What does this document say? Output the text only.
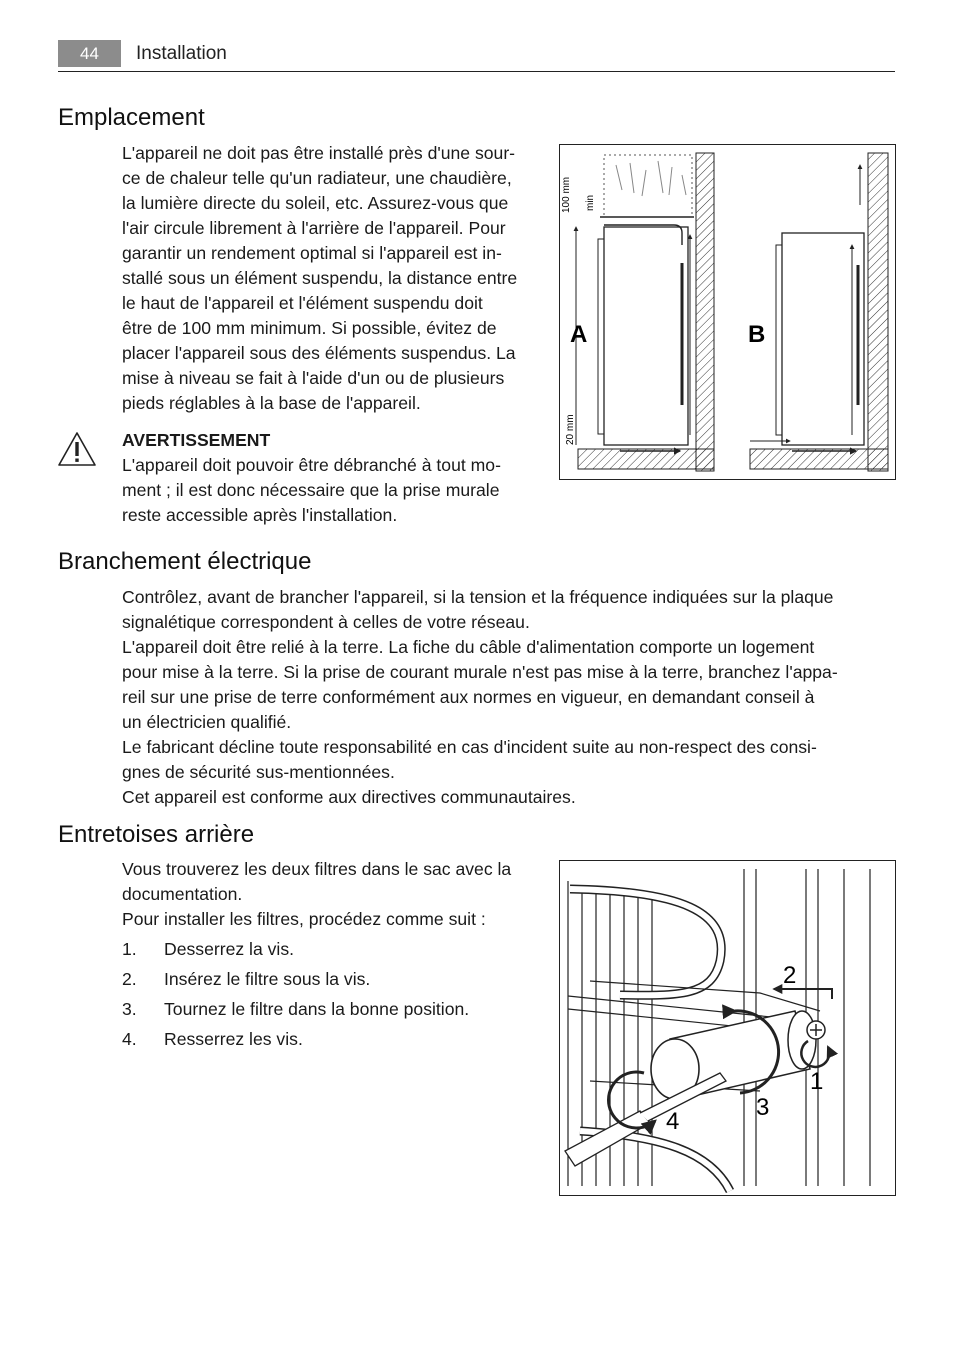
44	Installation
Emplacement
L'appareil ne doit pas être installé près d'une sour-
ce de chaleur telle qu'un radiateur, une chaudière,
la lumière directe du soleil, etc. Assurez-vous que
l'air circule librement à l'arrière de l'appareil. Pour
garantir un rendement optimal si l'appareil est in-
stallé sous un élément suspendu, la distance entre
le haut de l'appareil et l'élément suspendu doit
être de 100 mm minimum. Si possible, évitez de
placer l'appareil sous des éléments suspendus. La
mise à niveau se fait à l'aide d'un ou de plusieurs
pieds réglables à la base de l'appareil.
AVERTISSEMENT
L'appareil doit pouvoir être débranché à tout mo-
ment ; il est donc nécessaire que la prise murale
reste accessible après l'installation.
100 mm min
20 mm
A	B
Branchement électrique
Contrôlez, avant de brancher l'appareil, si la tension et la fréquence indiquées sur la plaque
signalétique correspondent à celles de votre réseau.
L'appareil doit être relié à la terre. La fiche du câble d'alimentation comporte un logement
pour mise à la terre. Si la prise de courant murale n'est pas mise à la terre, branchez l'appa-
reil sur une prise de terre conformément aux normes en vigueur, en demandant conseil à
un électricien qualifié.
Le fabricant décline toute responsabilité en cas d'incident suite au non-respect des consi-
gnes de sécurité sus-mentionnées.
Cet appareil est conforme aux directives communautaires.
Entretoises arrière
Vous trouverez les deux filtres dans le sac avec la
documentation.
Pour installer les filtres, procédez comme suit :
1. Desserrez la vis.
2. Insérez le filtre sous la vis.
3. Tournez le filtre dans la bonne position.
4. Resserrez les vis.
2
1
3
4
